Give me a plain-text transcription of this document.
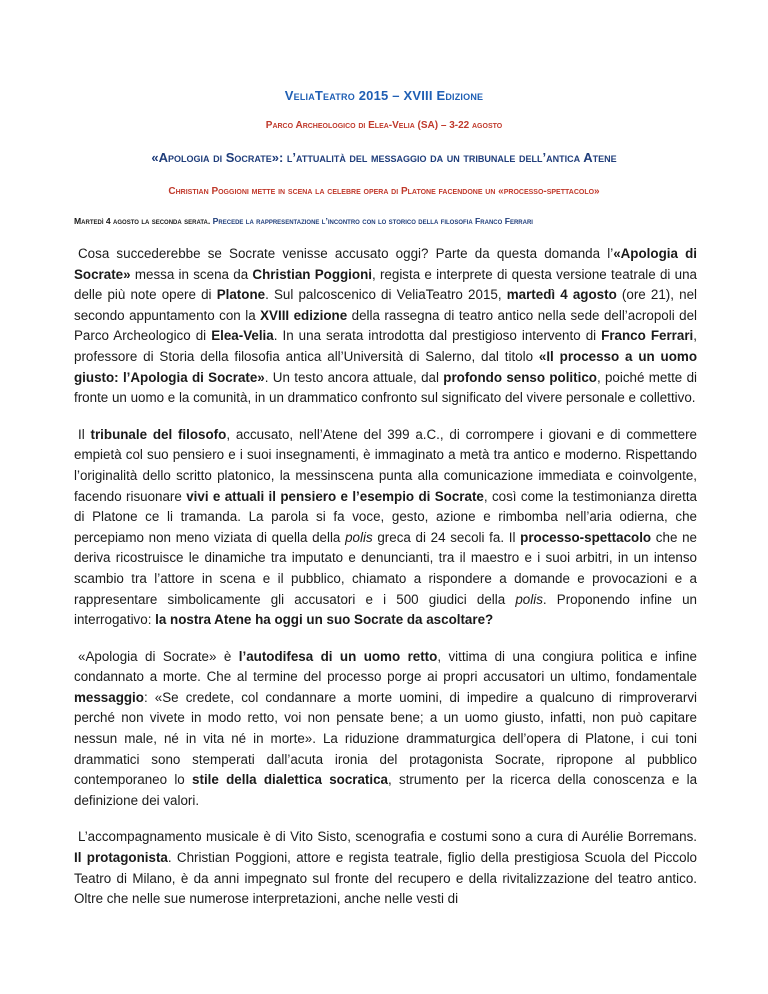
VeliaTeatro 2015 – XVIII Edizione
Parco Archeologico di Elea-Velia (SA) – 3-22 agosto
«Apologia di Socrate»: l’attualità del messaggio da un tribunale dell’antica Atene
Christian Poggioni mette in scena la celebre opera di Platone facendone un «processo-spettacolo»
Martedì 4 agosto la seconda serata. Precede la rappresentazione l’incontro con lo storico della filosofia Franco Ferrari

Cosa succederebbe se Socrate venisse accusato oggi? Parte da questa domanda l’«Apologia di Socrate» messa in scena da Christian Poggioni, regista e interprete di questa versione teatrale di una delle più note opere di Platone. Sul palcoscenico di VeliaTeatro 2015, martedì 4 agosto (ore 21), nel secondo appuntamento con la XVIII edizione della rassegna di teatro antico nella sede dell’acropoli del Parco Archeologico di Elea-Velia. In una serata introdotta dal prestigioso intervento di Franco Ferrari, professore di Storia della filosofia antica all’Università di Salerno, dal titolo «Il processo a un uomo giusto: l’Apologia di Socrate». Un testo ancora attuale, dal profondo senso politico, poiché mette di fronte un uomo e la comunità, in un drammatico confronto sul significato del vivere personale e collettivo.

Il tribunale del filosofo, accusato, nell’Atene del 399 a.C., di corrompere i giovani e di commettere empietà col suo pensiero e i suoi insegnamenti, è immaginato a metà tra antico e moderno. Rispettando l’originalità dello scritto platonico, la messinscena punta alla comunicazione immediata e coinvolgente, facendo risuonare vivi e attuali il pensiero e l’esempio di Socrate, così come la testimonianza diretta di Platone ce li tramanda. La parola si fa voce, gesto, azione e rimbomba nell’aria odierna, che percepiamo non meno viziata di quella della polis greca di 24 secoli fa. Il processo-spettacolo che ne deriva ricostruisce le dinamiche tra imputato e denuncianti, tra il maestro e i suoi arbitri, in un intenso scambio tra l’attore in scena e il pubblico, chiamato a rispondere a domande e provocazioni e a rappresentare simbolicamente gli accusatori e i 500 giudici della polis. Proponendo infine un interrogativo: la nostra Atene ha oggi un suo Socrate da ascoltare?

«Apologia di Socrate» è l’autodifesa di un uomo retto, vittima di una congiura politica e infine condannato a morte. Che al termine del processo porge ai propri accusatori un ultimo, fondamentale messaggio: «Se credete, col condannare a morte uomini, di impedire a qualcuno di rimproverarvi perché non vivete in modo retto, voi non pensate bene; a un uomo giusto, infatti, non può capitare nessun male, né in vita né in morte». La riduzione drammaturgica dell’opera di Platone, i cui toni drammatici sono stemperati dall’acuta ironia del protagonista Socrate, ripropone al pubblico contemporaneo lo stile della dialettica socratica, strumento per la ricerca della conoscenza e la definizione dei valori.

L’accompagnamento musicale è di Vito Sisto, scenografia e costumi sono a cura di Aurélie Borremans. Il protagonista. Christian Poggioni, attore e regista teatrale, figlio della prestigiosa Scuola del Piccolo Teatro di Milano, è da anni impegnato sul fronte del recupero e della rivitalizzazione del teatro antico. Oltre che nelle sue numerose interpretazioni, anche nelle vesti di
